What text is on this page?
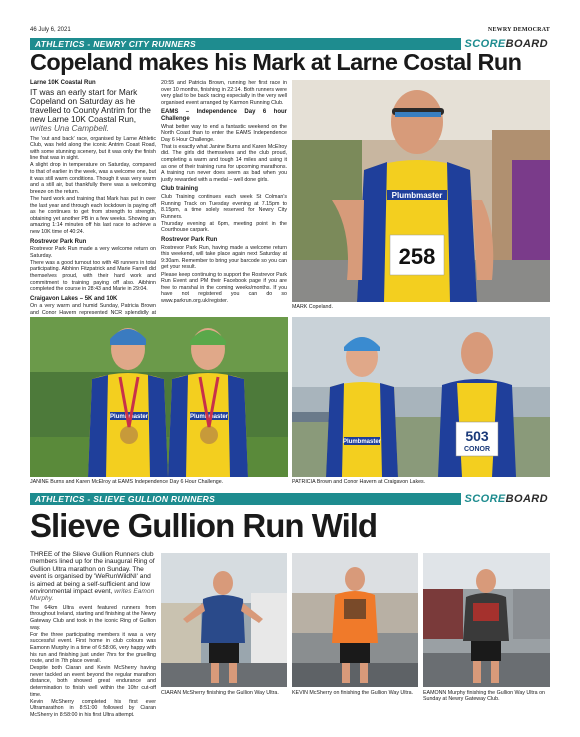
46 July 6, 2021	NEWRY DEMOCRAT
ATHLETICS - NEWRY CITY RUNNERS	SCOREBOARD
Copeland makes his Mark at Larne Costal Run

Larne 10K Coastal Run

IT was an early start for Mark Copeland on Saturday as he travelled to County Antrim for the new Larne 10K Coastal Run, writes Una Campbell.

The 'out and back' race, organised by Larne Athletic Club, was held along the iconic Antrim Coast Road, with some stunning scenery, but it was only the finish line that was in sight.

A slight drop in temperature on Saturday, compared to that of earlier in the week, was a welcome one, but it was still warm conditions. Though it was very warm and a still air, but thankfully there was a welcoming breeze on the return.

The hard work and training that Mark has put in over the last year and through each lockdown is paying off as he continues to get from strength to strength, obtaining yet another PB in a few weeks. Showing an amazing 1:14 minutes off his last race to achieve a new 10K time of 40:24.

Rostrevor Park Run

Rostrevor Park Run made a very welcome return on Saturday.

There was a good turnout too with 48 runners in total participating. Aibhinn Fitzpatrick and Marie Farrell did themselves proud, with their hard work and commitment to training paying off also. Aibhinn completed the course in 28:43 and Marie in 29:04.

Craigavon Lakes – 5K and 10K

On a very warm and humid Sunday, Patricia Brown and Conor Havern represented NCR splendidly at

20:55 and Patricia Brown, running her first race in over 10 months, finishing in 22:14. Both runners were very glad to be back racing especially in the very well organised event arranged by Karmon Running Club.

EAMS – Independence Day 6 hour Challenge

What better way to end a fantastic weekend on the North Coast than to enter the EAMS Independence Day 6 Hour Challenge.

That is exactly what Janine Burns and Karen McElroy did. The girls did themselves and the club proud, completing a warm and tough 14 miles and using it as one of their training runs for upcoming marathons. A training run never does seem as bad when you justly rewarded with a medal – well done girls.

Club training

Club Training continues each week St Colman's Running Track on Tuesday evening at 7.15pm to 8.15pm, a time solely reserved for Newry City Runners.

Thursday evening at 6pm, meeting point in the Courthouse carpark.

Rostrevor Park Run

Rostrevor Park Run, having made a welcome return this weekend, will take place again next Saturday at 9:30am. Remember to bring your barcode so you can get your result.

Please keep continuing to support the Rostrevor Park Run Event and PM their Facebook page if you are free to marshal in the coming weeks/months. If you have not registered you can do so www.parkrun.org.uk/register.

Plumbmaster
258
MARK Copeland.
Plumbmaster	Plumbmaster
JANINE Burns and Karen McElroy at EAMS Independence Day 6 Hour Challenge.
Plumbmaster	503
CONOR
PATRICIA Brown and Conor Havern at Craigavon Lakes.
ATHLETICS - SLIEVE GULLION RUNNERS	SCOREBOARD
Slieve Gullion Run Wild

THREE of the Slieve Gullion Runners club members lined up for the inaugural Ring of Gullion Ultra marathon on Sunday. The event is organised by 'WeRunWildNI' and is aimed at being a self-sufficient and low environmental impact event, writes Eamon Murphy.

The 64km Ultra event featured runners from throughout Ireland, starting and finishing at the Newry Gateway Club and took in the iconic Ring of Gullion way.

For the three participating members it was a very successful event. First home in club colours was Eamonn Murphy in a time of 6:58:06, very happy with his run and finishing just under 7hrs for the gruelling route, and in 7th place overall.

Despite both Ciaran and Kevin McSherry having never tackled an event beyond the regular marathon distance, both showed great endurance and determination to finish well within the 10hr cut-off time.

Kevin McSherry completed his first ever Ultramarathon in 8:51:00 followed by Ciaran McSherry in 8:58:00 in his first Ultra attempt.

CIARAN McSherry finishing the Gullion Way Ultra.	KEVIN McSherry on finishing the Gullion Way Ultra.	EAMONN Murphy finishing the Gullion Way Ultra on Sunday at Newry Gateway Club.
